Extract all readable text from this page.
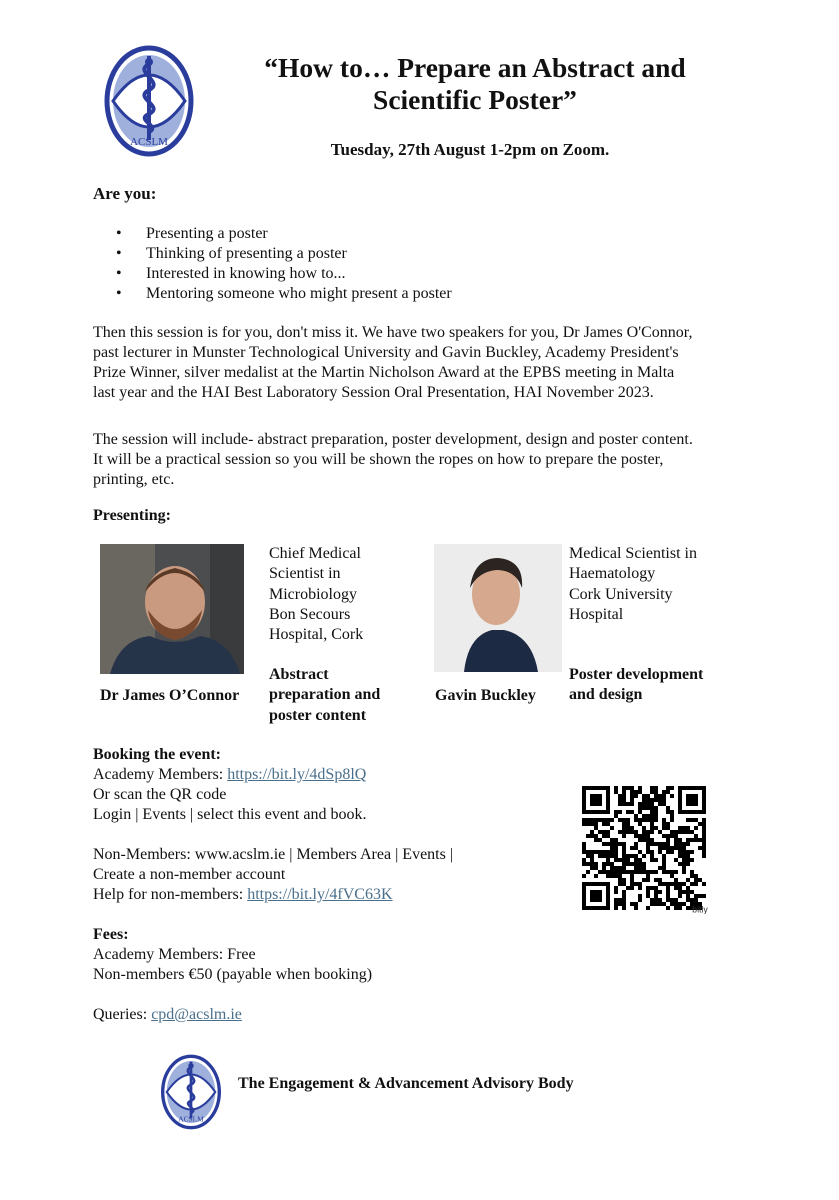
ACSLM
“How to… Prepare an Abstract and
Scientific Poster”
Tuesday, 27th August 1-2pm on Zoom.
Are you:
• Presenting a poster
• Thinking of presenting a poster
• Interested in knowing how to...
• Mentoring someone who might present a poster
Then this session is for you, don't miss it. We have two speakers for you, Dr James O'Connor,
past lecturer in Munster Technological University and Gavin Buckley, Academy President's
Prize Winner, silver medalist at the Martin Nicholson Award at the EPBS meeting in Malta
last year and the HAI Best Laboratory Session Oral Presentation, HAI November 2023.
The session will include- abstract preparation, poster development, design and poster content.
It will be a practical session so you will be shown the ropes on how to prepare the poster,
printing, etc.
Presenting:
Dr James O’Connor
Chief Medical
Scientist in
Microbiology
Bon Secours
Hospital, Cork
Abstract
preparation and
poster content
Gavin Buckley
Medical Scientist in
Haematology
Cork University
Hospital
Poster development
and design
Booking the event:
Academy Members: https://bit.ly/4dSp8lQ
Or scan the QR code
Login | Events | select this event and book.
Non-Members: www.acslm.ie | Members Area | Events |
Create a non-member account
Help for non-members: https://bit.ly/4fVC63K
bitly
Fees:
Academy Members: Free
Non-members €50 (payable when booking)
Queries: cpd@acslm.ie
ACSLM
The Engagement & Advancement Advisory Body
